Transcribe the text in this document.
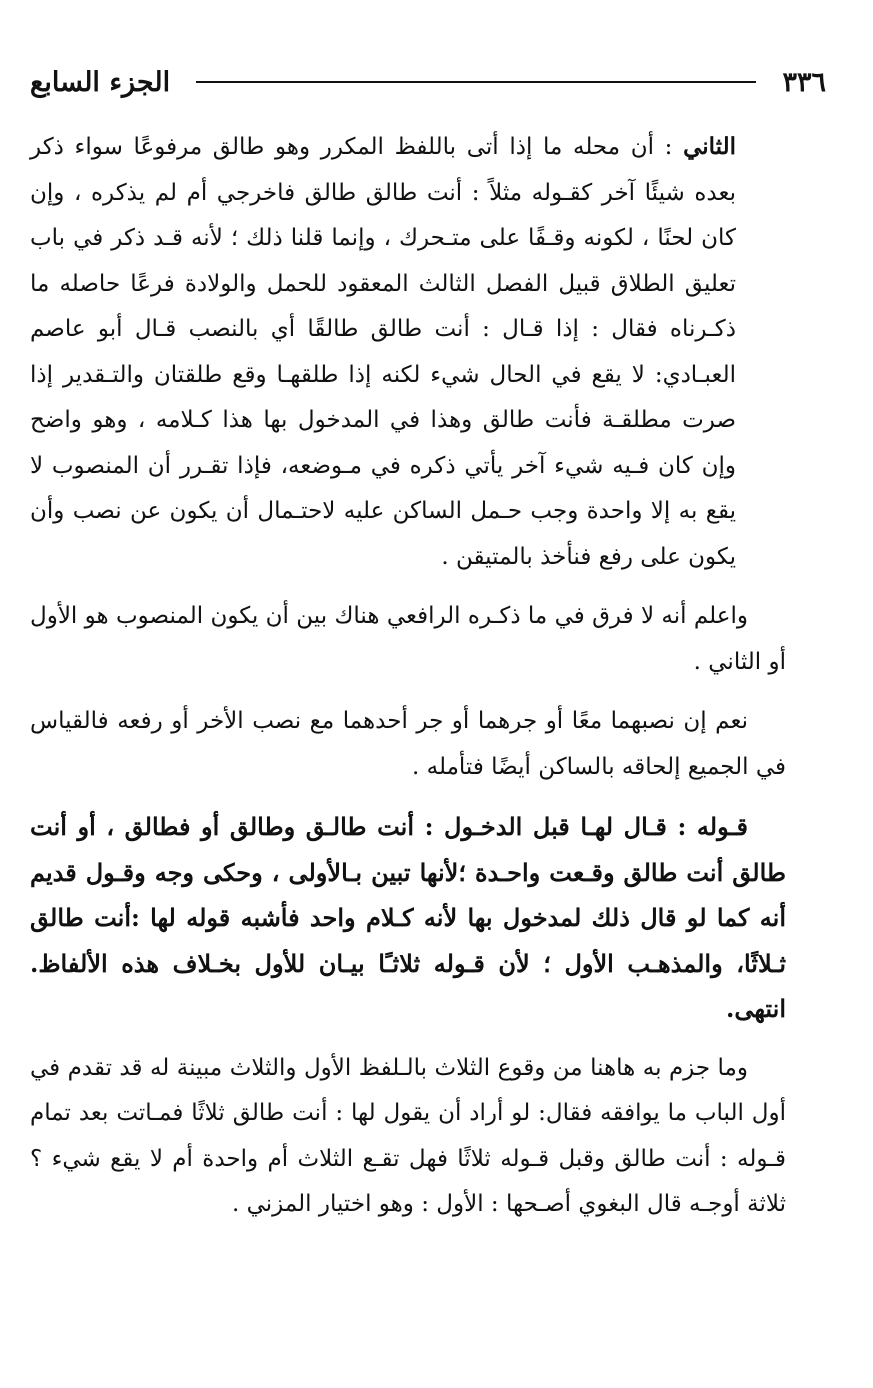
٣٣٦
الجزء السابع

الثاني : أن محله ما إذا أتى باللفظ المكرر وهو طالق مرفوعًا سواء ذكر بعده شيئًا آخر كقـوله مثلاً : أنت طالق طالق فاخرجي أم لم يذكره ، وإن كان لحنًا ، لكونه وقـفًا على متـحرك ، وإنما قلنا ذلك ؛ لأنه قـد ذكر في باب تعليق الطلاق قبيل الفصل الثالث المعقود للحمل والولادة فرعًا حاصله ما ذكـرناه فقال : إذا قـال : أنت طالق طالقًا أي بالنصب قـال أبو عاصم العبـادي: لا يقع في الحال شيء لكنه إذا طلقهـا وقع طلقتان والتـقدير إذا صرت مطلقـة فأنت طالق وهذا في المدخول بها هذا كـلامه ، وهو واضح وإن كان فـيه شيء آخر يأتي ذكره في مـوضعه، فإذا تقـرر أن المنصوب لا يقع به إلا واحدة وجب حـمل الساكن عليه لاحتـمال أن يكون عن نصب وأن يكون على رفع فنأخذ بالمتيقن .

واعلم أنه لا فرق في ما ذكـره الرافعي هناك بين أن يكون المنصوب هو الأول أو الثاني .

نعم إن نصبهما معًا أو جرهما أو جر أحدهما مع نصب الأخر أو رفعه فالقياس في الجميع إلحاقه بالساكن أيضًا فتأمله .

قـوله : قـال لهـا قبل الدخـول : أنت طالـق وطالق أو فطالق ، أو أنت طالق أنت طالق وقـعت واحـدة ؛لأنها تبين بـالأولى ، وحكى وجه وقـول قديم أنه كما لو قال ذلك لمدخول بها لأنه كـلام واحد فأشبه قوله لها :أنت طالق ثـلاثًا، والمذهـب الأول ؛ لأن قـوله ثلاثـًا بيـان للأول بخـلاف هذه الألفاظ. انتهى.

وما جزم به هاهنا من وقوع الثلاث بالـلفظ الأول والثلاث مبينة له قد تقدم في أول الباب ما يوافقه فقال: لو أراد أن يقول لها : أنت طالق ثلاثًا فمـاتت بعد تمام قـوله : أنت طالق وقبل قـوله ثلاثًا فهل تقـع الثلاث أم واحدة أم لا يقع شيء ؟ ثلاثة أوجـه قال البغوي أصـحها : الأول : وهو اختيار المزني .
